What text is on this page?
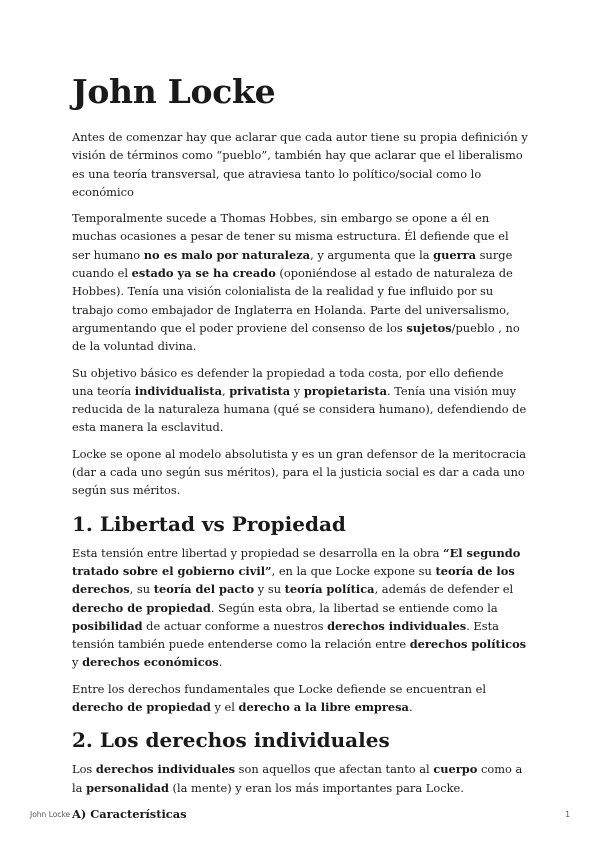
John Locke

Antes de comenzar hay que aclarar que cada autor tiene su propia definición y visión de términos como “pueblo”, también hay que aclarar que el liberalismo es una teoría transversal, que atraviesa tanto lo político/social como lo económico

Temporalmente sucede a Thomas Hobbes, sin embargo se opone a él en muchas ocasiones a pesar de tener su misma estructura. Él defiende que el ser humano no es malo por naturaleza, y argumenta que la guerra surge cuando el estado ya se ha creado (oponiéndose al estado de naturaleza de Hobbes). Tenía una visión colonialista de la realidad y fue influido por su trabajo como embajador de Inglaterra en Holanda. Parte del universalismo, argumentando que el poder proviene del consenso de los sujetos/pueblo , no de la voluntad divina.

Su objetivo básico es defender la propiedad a toda costa, por ello defiende una teoría individualista, privatista y propietarista. Tenía una visión muy reducida de la naturaleza humana (qué se considera humano), defendiendo de esta manera la esclavitud.

Locke se opone al modelo absolutista y es un gran defensor de la meritocracia (dar a cada uno según sus méritos), para el la justicia social es dar a cada uno según sus méritos.

1. Libertad vs Propiedad

Esta tensión entre libertad y propiedad se desarrolla en la obra “El segundo tratado sobre el gobierno civil”, en la que Locke expone su teoría de los derechos, su teoría del pacto y su teoría política, además de defender el derecho de propiedad. Según esta obra, la libertad se entiende como la posibilidad de actuar conforme a nuestros derechos individuales. Esta tensión también puede entenderse como la relación entre derechos políticos y derechos económicos.

Entre los derechos fundamentales que Locke defiende se encuentran el derecho de propiedad y el derecho a la libre empresa.

2. Los derechos individuales

Los derechos individuales son aquellos que afectan tanto al cuerpo como a la personalidad (la mente) y eran los más importantes para Locke.

A) Características
John Locke	1
